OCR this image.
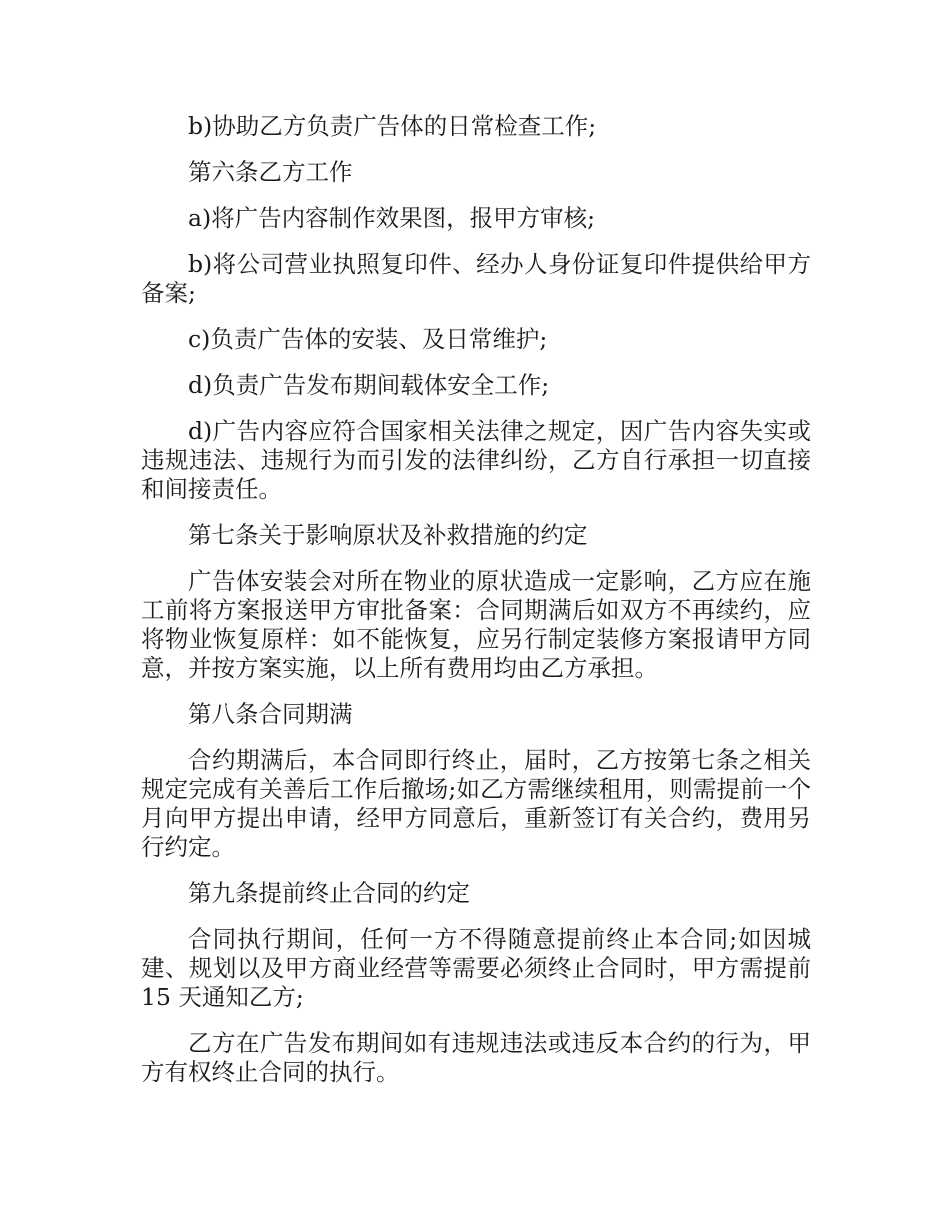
b)协助乙方负责广告体的日常检查工作;

第六条乙方工作

a)将广告内容制作效果图，报甲方审核;

b)将公司营业执照复印件、经办人身份证复印件提供给甲方备案;

c)负责广告体的安装、及日常维护;

d)负责广告发布期间载体安全工作;

d)广告内容应符合国家相关法律之规定，因广告内容失实或违规违法、违规行为而引发的法律纠纷，乙方自行承担一切直接和间接责任。

第七条关于影响原状及补救措施的约定

广告体安装会对所在物业的原状造成一定影响，乙方应在施工前将方案报送甲方审批备案：合同期满后如双方不再续约，应将物业恢复原样：如不能恢复，应另行制定装修方案报请甲方同意，并按方案实施，以上所有费用均由乙方承担。

第八条合同期满

合约期满后，本合同即行终止，届时，乙方按第七条之相关规定完成有关善后工作后撤场;如乙方需继续租用，则需提前一个月向甲方提出申请，经甲方同意后，重新签订有关合约，费用另行约定。

第九条提前终止合同的约定

合同执行期间，任何一方不得随意提前终止本合同;如因城建、规划以及甲方商业经营等需要必须终止合同时，甲方需提前 15 天通知乙方;

乙方在广告发布期间如有违规违法或违反本合约的行为，甲方有权终止合同的执行。
